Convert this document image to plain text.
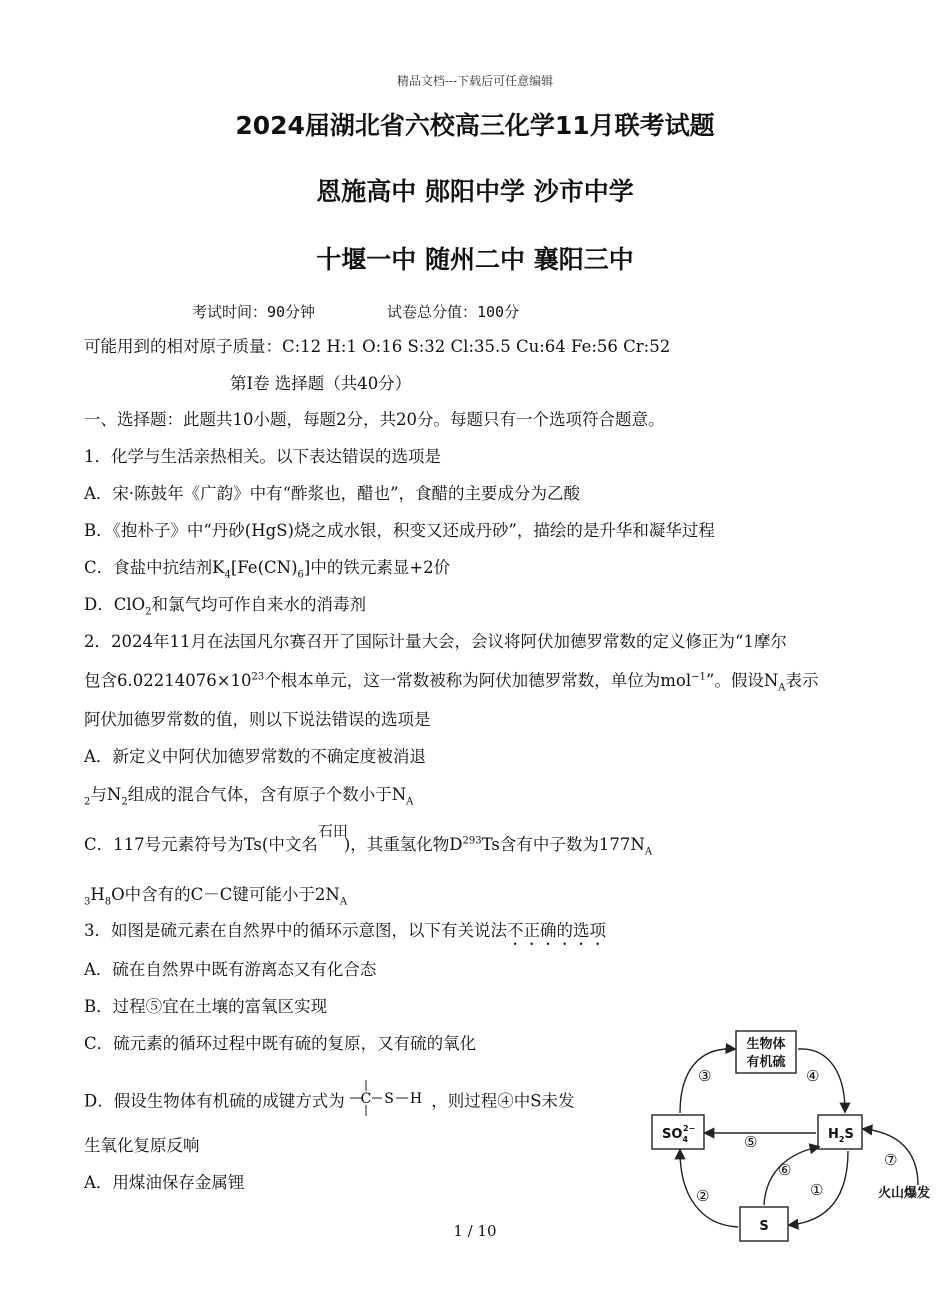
精品文档---下载后可任意编辑
2024届湖北省六校高三化学11月联考试题
恩施高中 郧阳中学 沙市中学
十堰一中 随州二中 襄阳三中
考试时间：90分钟	试卷总分值：100分
可能用到的相对原子质量：C:12 H:1 O:16 S:32 Cl:35.5 Cu:64 Fe:56 Cr:52
第I卷 选择题（共40分）
一、选择题：此题共10小题，每题2分，共20分。每题只有一个选项符合题意。
1．化学与生活亲热相关。以下表达错误的选项是
A．宋·陈鼓年《广韵》中有“酢浆也，醋也”，食醋的主要成分为乙酸
B．《抱朴子》中“丹砂(HgS)烧之成水银，积变又还成丹砂”，描绘的是升华和凝华过程
C．食盐中抗结剂$K_4[Fe(CN)_6]$中的铁元素显+2价
D．ClO$_2$和氯气均可作自来水的消毒剂
2．2024年11月在法国凡尔赛召开了国际计量大会，会议将阿伏加德罗常数的定义修正为“1摩尔
包含$6.02214076\times 10^{23}$个根本单元，这一常数被称为阿伏加德罗常数，单位为mol$^{-1}$”。假设$N_A$表示
阿伏加德罗常数的值，则以下说法错误的选项是
A．新定义中阿伏加德罗常数的不确定度被消退
$_2$与$N_2$组成的混合气体，含有原子个数小于$N_A$
C．117号元素符号为Ts(中文名石田)，其重氢化物$D^{293}Ts$含有中子数为$177N_A$
$_3H_8O$中含有的C－C键可能小于$2N_A$
3．如图是硫元素在自然界中的循环示意图，以下有关说法不正确的选项
A．硫在自然界中既有游离态又有化合态
B．过程⑤宜在土壤的富氧区实现
C．硫元素的循环过程中既有硫的复原，又有硫的氧化
D．假设生物体有机硫的成键方式为 C S H ，则过程④中S未发
生氧化复原反响
A．用煤油保存金属锂
生物体
有机硫
$SO_42-$	$H_2S$
S
③	④
⑤
⑥
②	①
⑦
火山爆发
1 / 10
